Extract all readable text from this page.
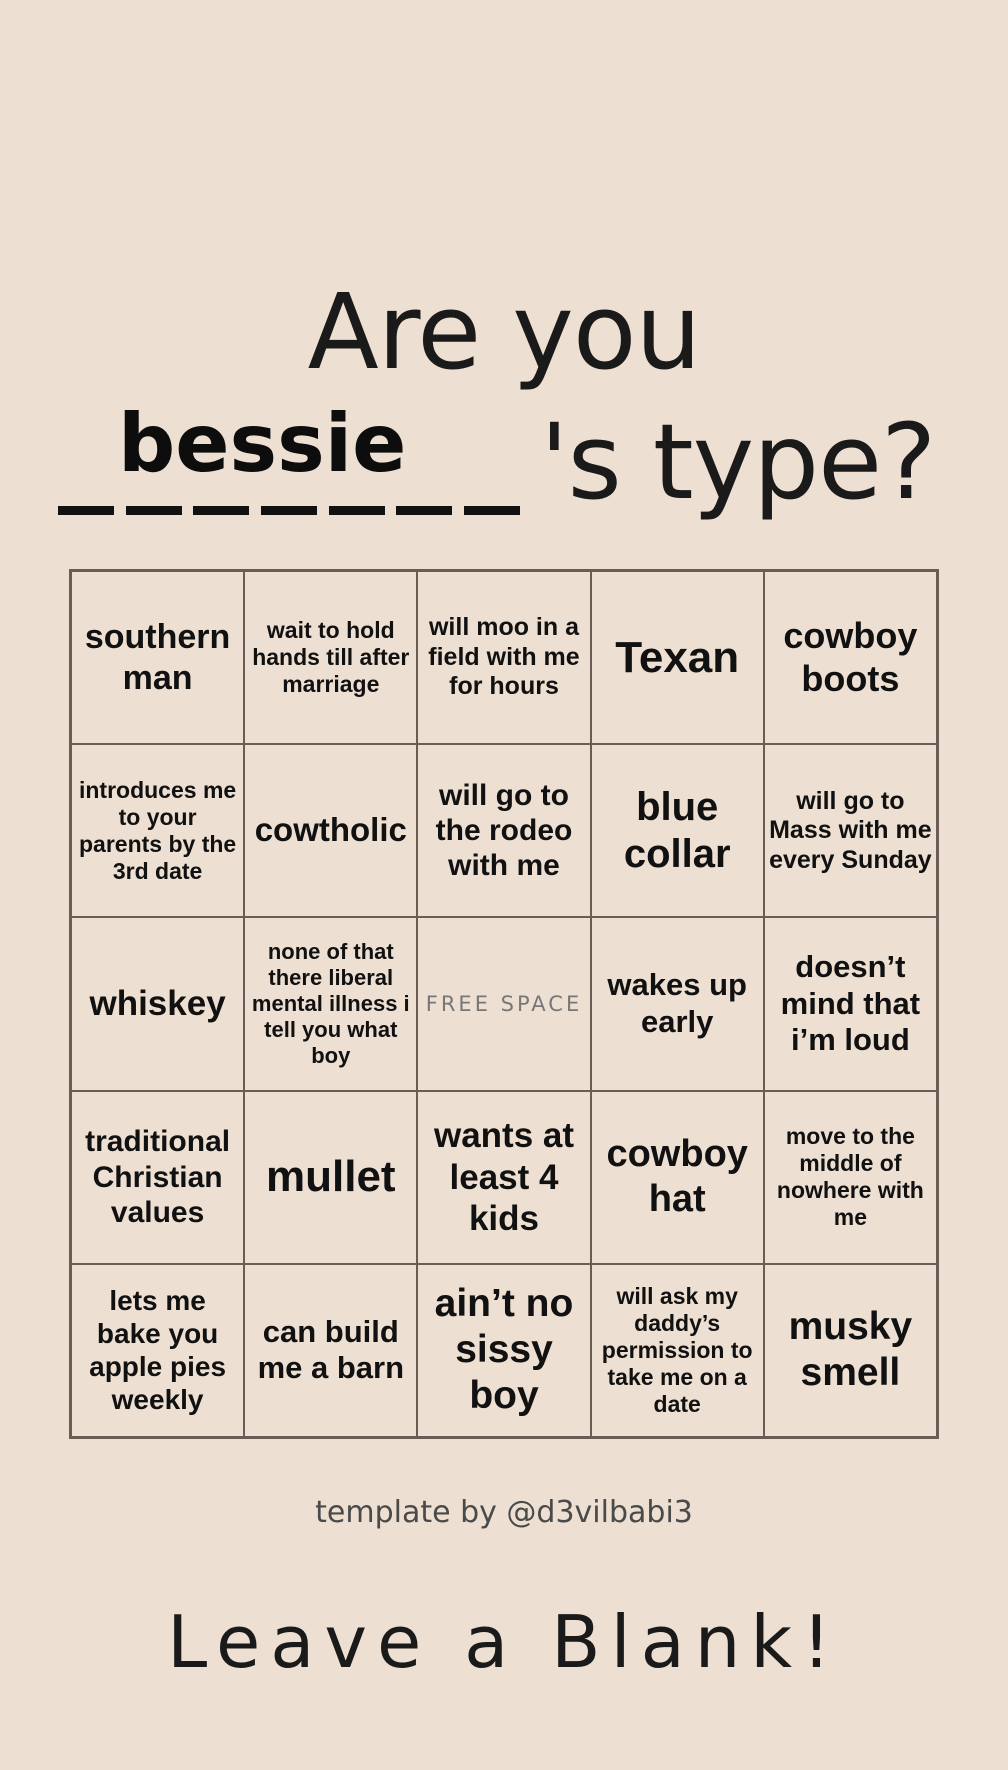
Are you
bessie 's type?
southern man
wait to hold hands till after marriage
will moo in a field with me for hours
Texan	cowboy boots
introduces me to your parents by the 3rd date
cowtholic
will go to the rodeo with me
blue collar
will go to Mass with me every Sunday
whiskey
none of that there liberal mental illness i tell you what boy
FREE SPACE
wakes up early
doesn’t mind that i’m loud
traditional Christian values
mullet
wants at least 4 kids
cowboy hat
move to the middle of nowhere with me
lets me bake you apple pies weekly
can build me a barn
ain’t no sissy boy
will ask my daddy’s permission to take me on a date
musky smell
template by @d3vilbabi3
Leave a Blank!
